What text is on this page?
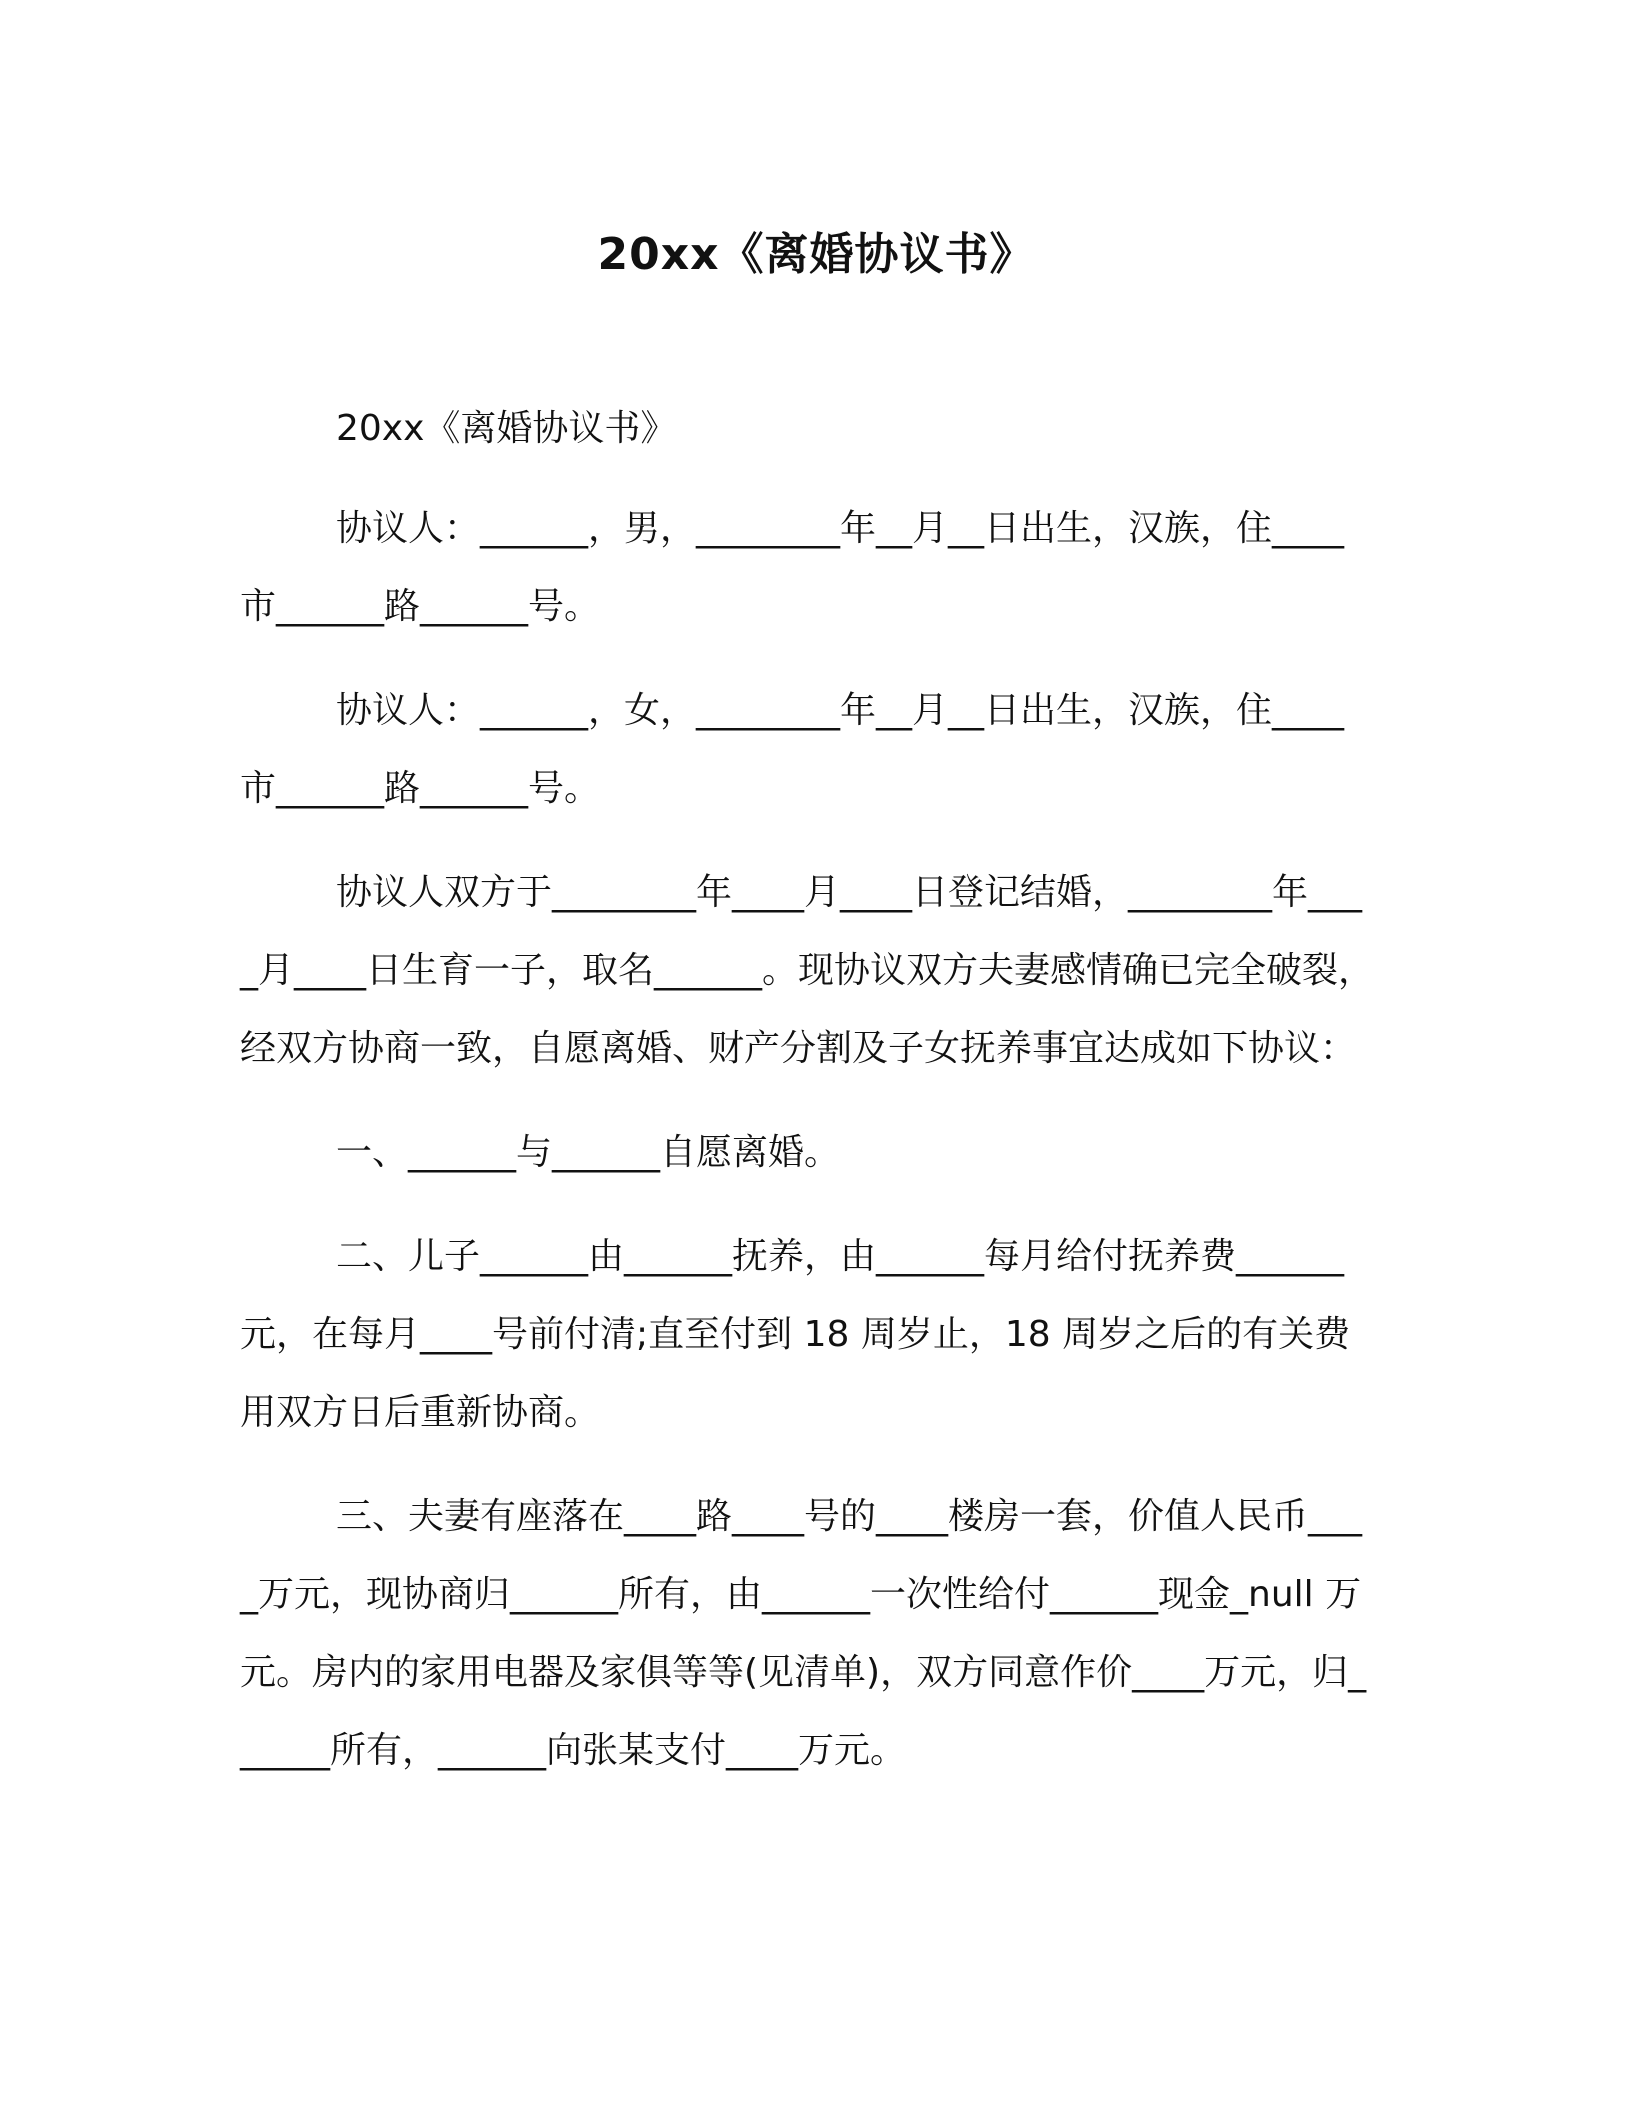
20xx《离婚协议书》

20xx《离婚协议书》

协议人：______，男，________年__月__日出生，汉族，住____市______路______号。

协议人：______，女，________年__月__日出生，汉族，住____市______路______号。

协议人双方于________年____月____日登记结婚，________年____月____日生育一子，取名______。现协议双方夫妻感情确已完全破裂，经双方协商一致，自愿离婚、财产分割及子女抚养事宜达成如下协议：

一、______与______自愿离婚。

二、儿子______由______抚养，由______每月给付抚养费______元，在每月____号前付清;直至付到 18 周岁止，18 周岁之后的有关费用双方日后重新协商。

三、夫妻有座落在____路____号的____楼房一套，价值人民币____万元，现协商归______所有，由______一次性给付______现金_null 万元。房内的家用电器及家俱等等(见清单)，双方同意作价____万元，归______所有，______向张某支付____万元。
